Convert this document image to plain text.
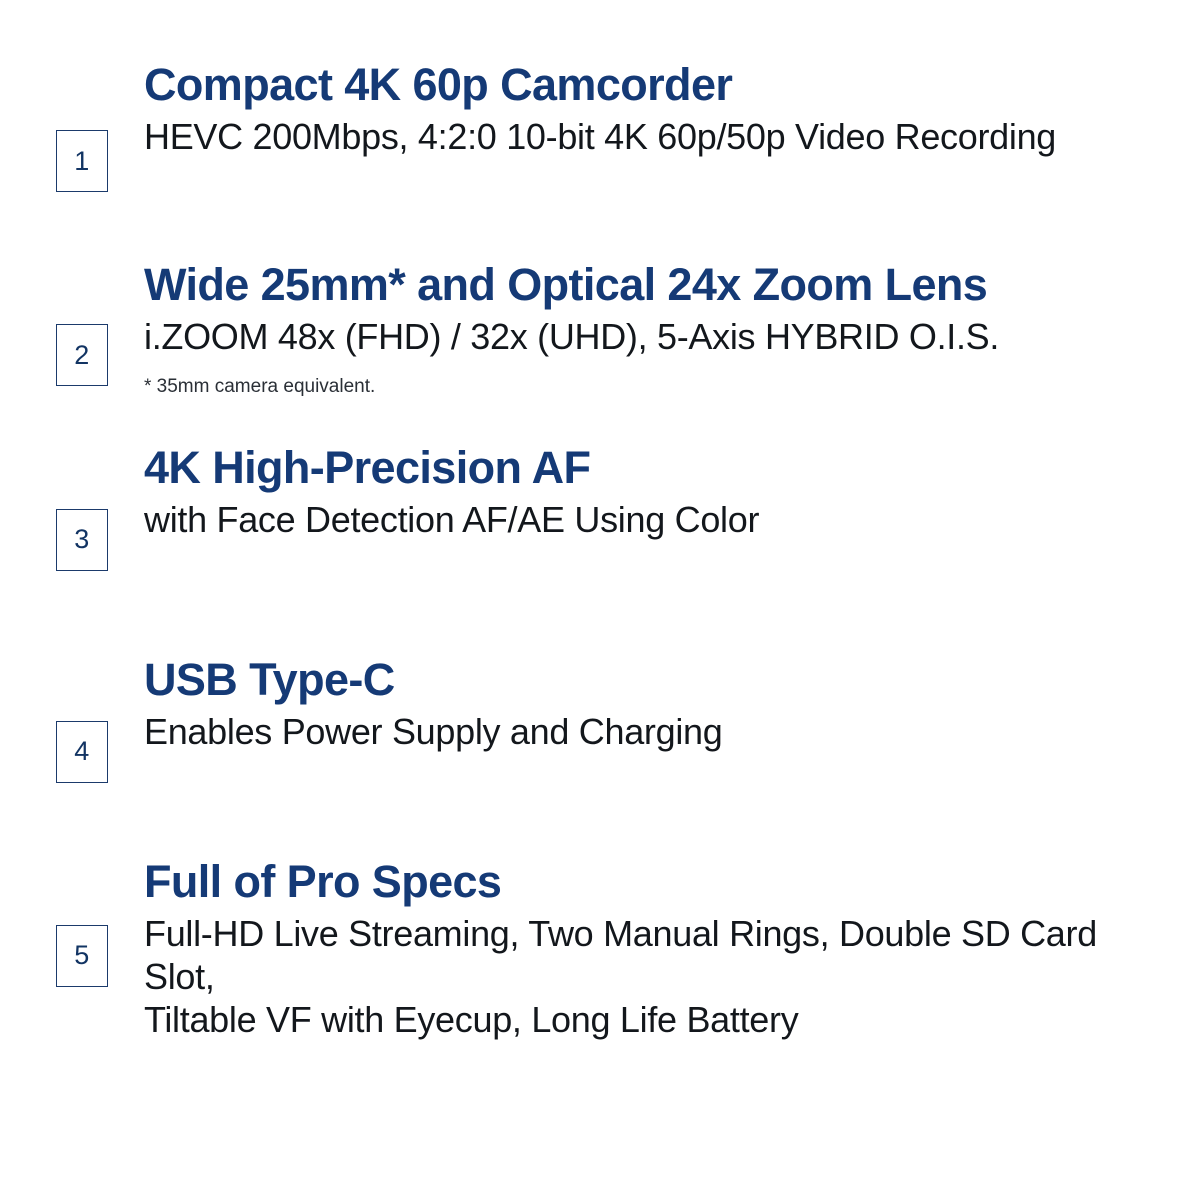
1
Compact 4K 60p Camcorder
HEVC 200Mbps, 4:2:0 10-bit 4K 60p/50p Video Recording
2
Wide 25mm* and Optical 24x Zoom Lens
i.ZOOM 48x (FHD) / 32x (UHD), 5-Axis HYBRID O.I.S.
* 35mm camera equivalent.
3
4K High-Precision AF
with Face Detection AF/AE Using Color
4
USB Type-C
Enables Power Supply and Charging
5
Full of Pro Specs
Full-HD Live Streaming, Two Manual Rings, Double SD Card Slot,
Tiltable VF with Eyecup, Long Life Battery
